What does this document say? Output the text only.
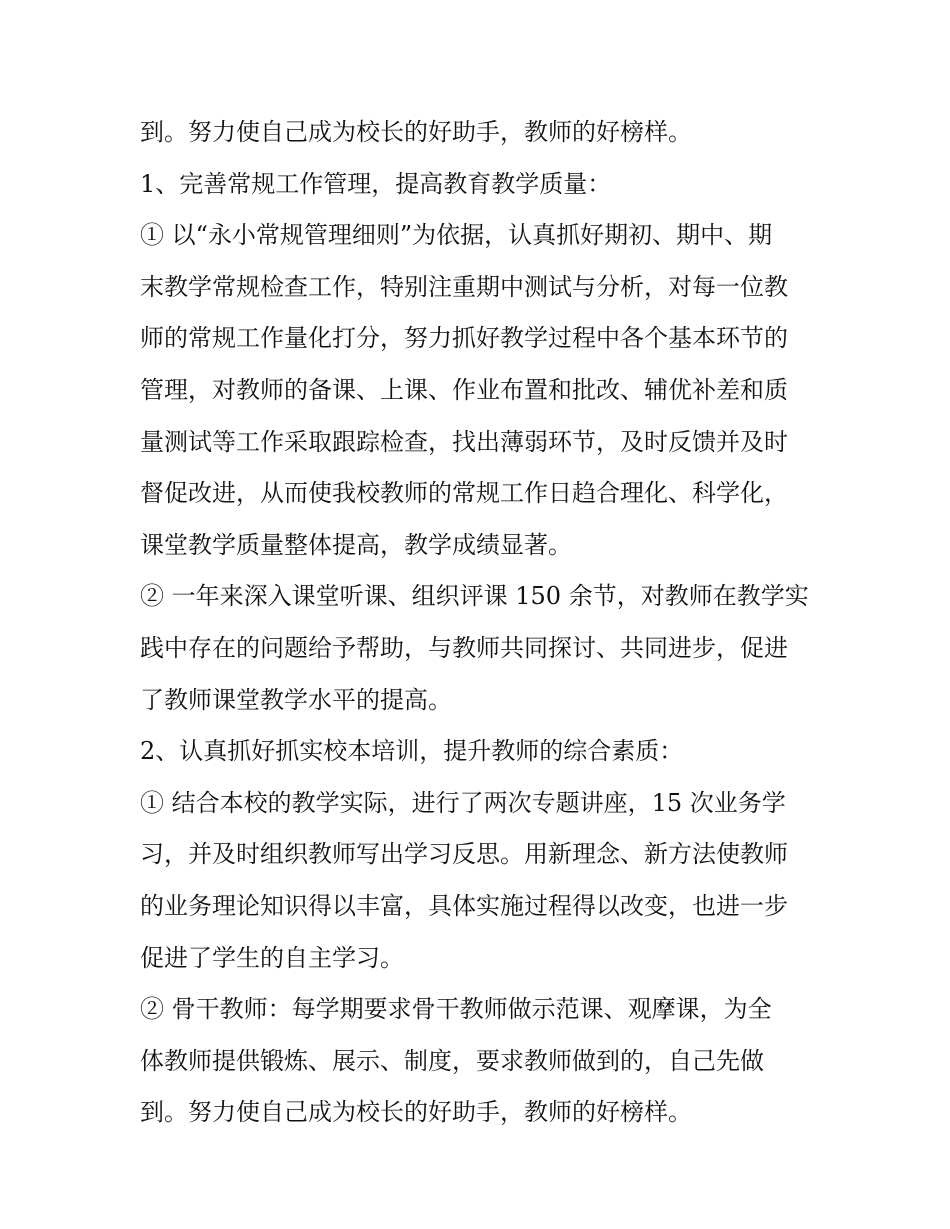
到。努力使自己成为校长的好助手，教师的好榜样。
1、完善常规工作管理，提高教育教学质量：
① 以“永小常规管理细则”为依据，认真抓好期初、期中、期
末教学常规检查工作，特别注重期中测试与分析，对每一位教
师的常规工作量化打分，努力抓好教学过程中各个基本环节的
管理，对教师的备课、上课、作业布置和批改、辅优补差和质
量测试等工作采取跟踪检查，找出薄弱环节，及时反馈并及时
督促改进，从而使我校教师的常规工作日趋合理化、科学化，
课堂教学质量整体提高，教学成绩显著。
② 一年来深入课堂听课、组织评课 150 余节，对教师在教学实
践中存在的问题给予帮助，与教师共同探讨、共同进步，促进
了教师课堂教学水平的提高。
2、认真抓好抓实校本培训，提升教师的综合素质：
① 结合本校的教学实际，进行了两次专题讲座，15 次业务学
习，并及时组织教师写出学习反思。用新理念、新方法使教师
的业务理论知识得以丰富，具体实施过程得以改变，也进一步
促进了学生的自主学习。
② 骨干教师：每学期要求骨干教师做示范课、观摩课，为全
体教师提供锻炼、展示、制度，要求教师做到的，自己先做
到。努力使自己成为校长的好助手，教师的好榜样。
